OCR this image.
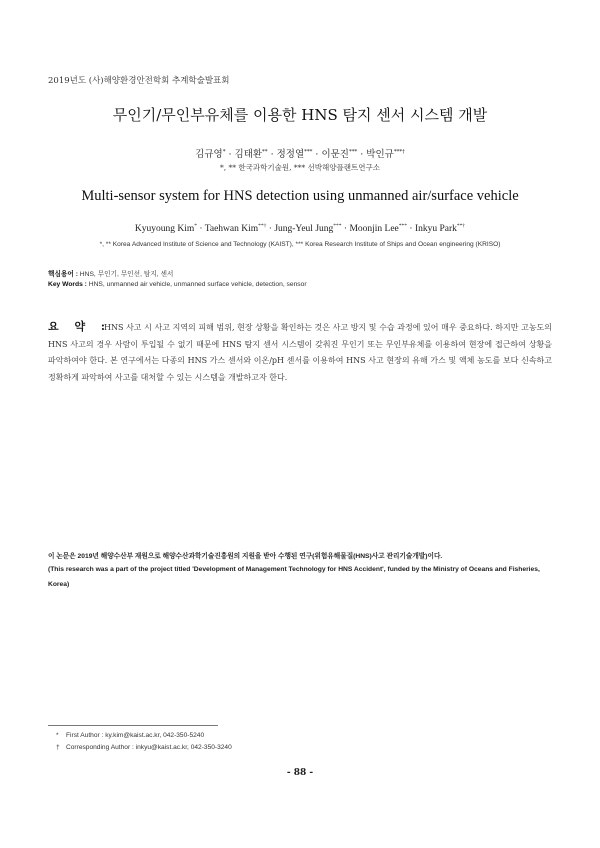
2019년도 (사)해양환경안전학회 추계학술발표회
무인기/무인부유체를 이용한 HNS 탐지 센서 시스템 개발
김규영* · 김태환** · 정정열*** · 이문진*** · 박인규***†
*, ** 한국과학기술원, *** 선박해양플랜트연구소
Multi-sensor system for HNS detection using unmanned air/surface vehicle
Kyuyoung Kim* · Taehwan Kim**† · Jung-Yeul Jung*** · Moonjin Lee*** · Inkyu Park**†
*, ** Korea Advanced Institute of Science and Technology (KAIST), *** Korea Research Institute of Ships and Ocean engineering (KRISO)
핵심용어 : HNS, 무인기, 무인선, 탐지, 센서
Key Words : HNS, unmanned air vehicle, unmanned surface vehicle, detection, sensor
요 약 :
HNS 사고 시 사고 지역의 피해 범위, 현장 상황을 확인하는 것은 사고 방지 및 수습 과정에 있어 매우 중요하다. 하지만 고농도의 HNS 사고의 경우 사람이 투입될 수 없기 때문에 HNS 탐지 센서 시스템이 갖춰진 무인기 또는 무인부유체를 이용하여 현장에 접근하여 상황을 파악하여야 한다. 본 연구에서는 다종의 HNS 가스 센서와 이온/pH 센서를 이용하여 HNS 사고 현장의 유해 가스 및 액체 농도를 보다 신속하고 정확하게 파악하여 사고를 대처할 수 있는 시스템을 개발하고자 한다.
이 논문은 2019년 해양수산부 재원으로 해양수산과학기술진흥원의 지원을 받아 수행된 연구(위험유해물질(HNS)사고 관리기술개발)이다.
(This research was a part of the project titled 'Development of Management Technology for HNS Accident', funded by the Ministry of Oceans and Fisheries, Korea)
* First Author : ky.kim@kaist.ac.kr, 042-350-5240
† Corresponding Author : inkyu@kaist.ac.kr, 042-350-3240
- 88 -
